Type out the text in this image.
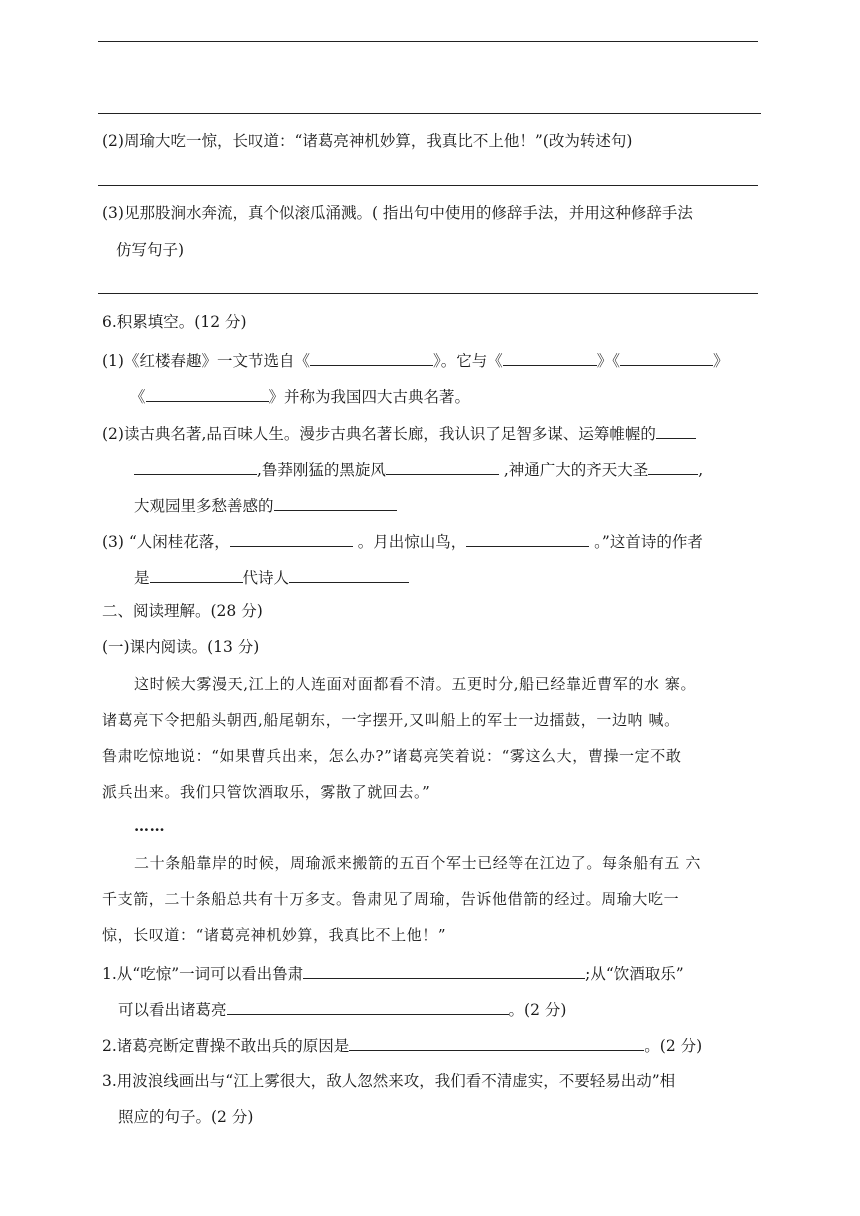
(2)周瑜大吃一惊，长叹道：“诸葛亮神机妙算，我真比不上他！”(改为转述句)
(3)见那股涧水奔流，真个似滚瓜涌溅。( 指出句中使用的修辞手法，并用这种修辞手法
仿写句子)
6.积累填空。(12 分)
(1)《红楼春趣》一文节选自《	》。它与《	》《	》
《	》并称为我国四大古典名著。
(2)读古典名著,品百味人生。漫步古典名著长廊，我认识了足智多谋、运筹帷幄的
,鲁莽刚猛的黑旋风	,神通广大的齐天大圣	,
大观园里多愁善感的
(3) “人闲桂花落，	。月出惊山鸟，	。”这首诗的作者
是	代诗人
二、阅读理解。(28 分)
(一)课内阅读。(13 分)
这时候大雾漫天,江上的人连面对面都看不清。五更时分,船已经靠近曹军的水 寨。
诸葛亮下令把船头朝西,船尾朝东，一字摆开,又叫船上的军士一边擂鼓，一边呐 喊。
鲁肃吃惊地说：“如果曹兵出来，怎么办?”诸葛亮笑着说：“雾这么大，曹操一定不敢
派兵出来。我们只管饮酒取乐，雾散了就回去。”
……
二十条船靠岸的时候，周瑜派来搬箭的五百个军士已经等在江边了。每条船有五 六
千支箭，二十条船总共有十万多支。鲁肃见了周瑜，告诉他借箭的经过。周瑜大吃一
惊，长叹道：“诸葛亮神机妙算，我真比不上他！”
1.从“吃惊”一词可以看出鲁肃	;从“饮酒取乐”
可以看出诸葛亮	。(2 分)
2.诸葛亮断定曹操不敢出兵的原因是	。(2 分)
3.用波浪线画出与“江上雾很大，敌人忽然来攻，我们看不清虚实，不要轻易出动”相
照应的句子。(2 分)
